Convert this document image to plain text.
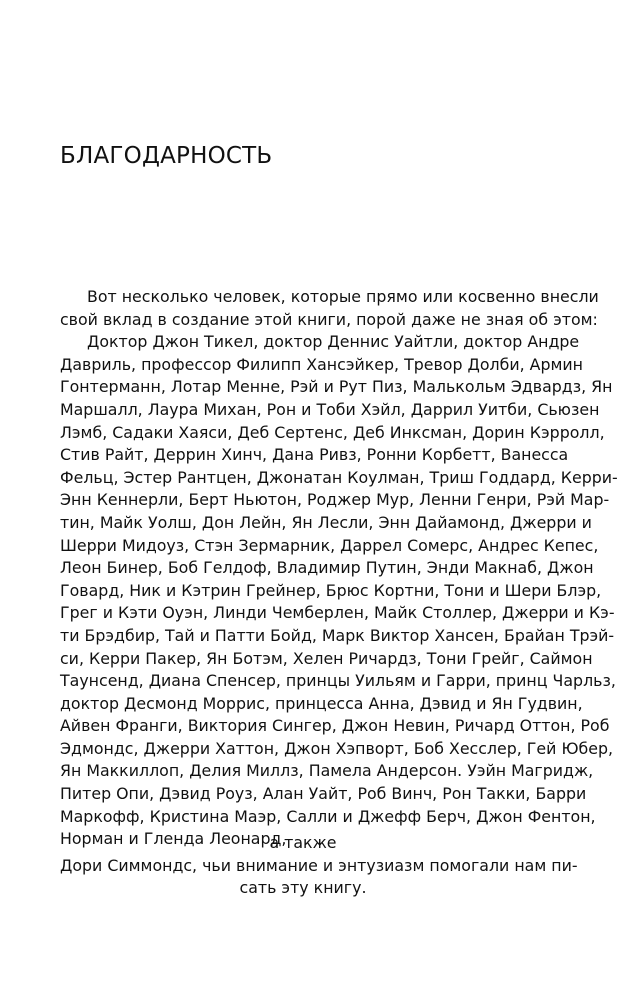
БЛАГОДАРНОСТЬ
Вот несколько человек, которые прямо или косвенно внесли
свой вклад в создание этой книги, порой даже не зная об этом:
Доктор Джон Тикел, доктор Деннис Уайтли, доктор Андре
Давриль, профессор Филипп Хансэйкер, Тревор Долби, Армин
Гонтерманн, Лотар Менне, Рэй и Рут Пиз, Малькольм Эдвардз, Ян
Маршалл, Лаура Михан, Рон и Тоби Хэйл, Даррил Уитби, Сьюзен
Лэмб, Садаки Хаяси, Деб Сертенс, Деб Инксман, Дорин Кэрролл,
Стив Райт, Деррин Хинч, Дана Ривз, Ронни Корбетт, Ванесса
Фельц, Эстер Рантцен, Джонатан Коулман, Триш Годдард, Керри-
Энн Кеннерли, Берт Ньютон, Роджер Мур, Ленни Генри, Рэй Мар-
тин, Майк Уолш, Дон Лейн, Ян Лесли, Энн Дайамонд, Джерри и
Шерри Мидоуз, Стэн Зермарник, Даррел Сомерс, Андрес Кепес,
Леон Бинер, Боб Гелдоф, Владимир Путин, Энди Макнаб, Джон
Говард, Ник и Кэтрин Грейнер, Брюс Кортни, Тони и Шери Блэр,
Грег и Кэти Оуэн, Линди Чемберлен, Майк Столлер, Джерри и Кэ-
ти Брэдбир, Тай и Патти Бойд, Марк Виктор Хансен, Брайан Трэй-
си, Керри Пакер, Ян Ботэм, Хелен Ричардз, Тони Грейг, Саймон
Таунсенд, Диана Спенсер, принцы Уильям и Гарри, принц Чарльз,
доктор Десмонд Моррис, принцесса Анна, Дэвид и Ян Гудвин,
Айвен Франги, Виктория Сингер, Джон Невин, Ричард Оттон, Роб
Эдмондс, Джерри Хаттон, Джон Хэпворт, Боб Хесслер, Гей Юбер,
Ян Маккиллоп, Делия Миллз, Памела Андерсон. Уэйн Магридж,
Питер Опи, Дэвид Роуз, Алан Уайт, Роб Винч, Рон Такки, Барри
Маркофф, Кристина Маэр, Салли и Джефф Берч, Джон Фентон,
Норман и Гленда Леонард,
а также
Дори Симмондс, чьи внимание и энтузиазм помогали нам пи-
сать эту книгу.
